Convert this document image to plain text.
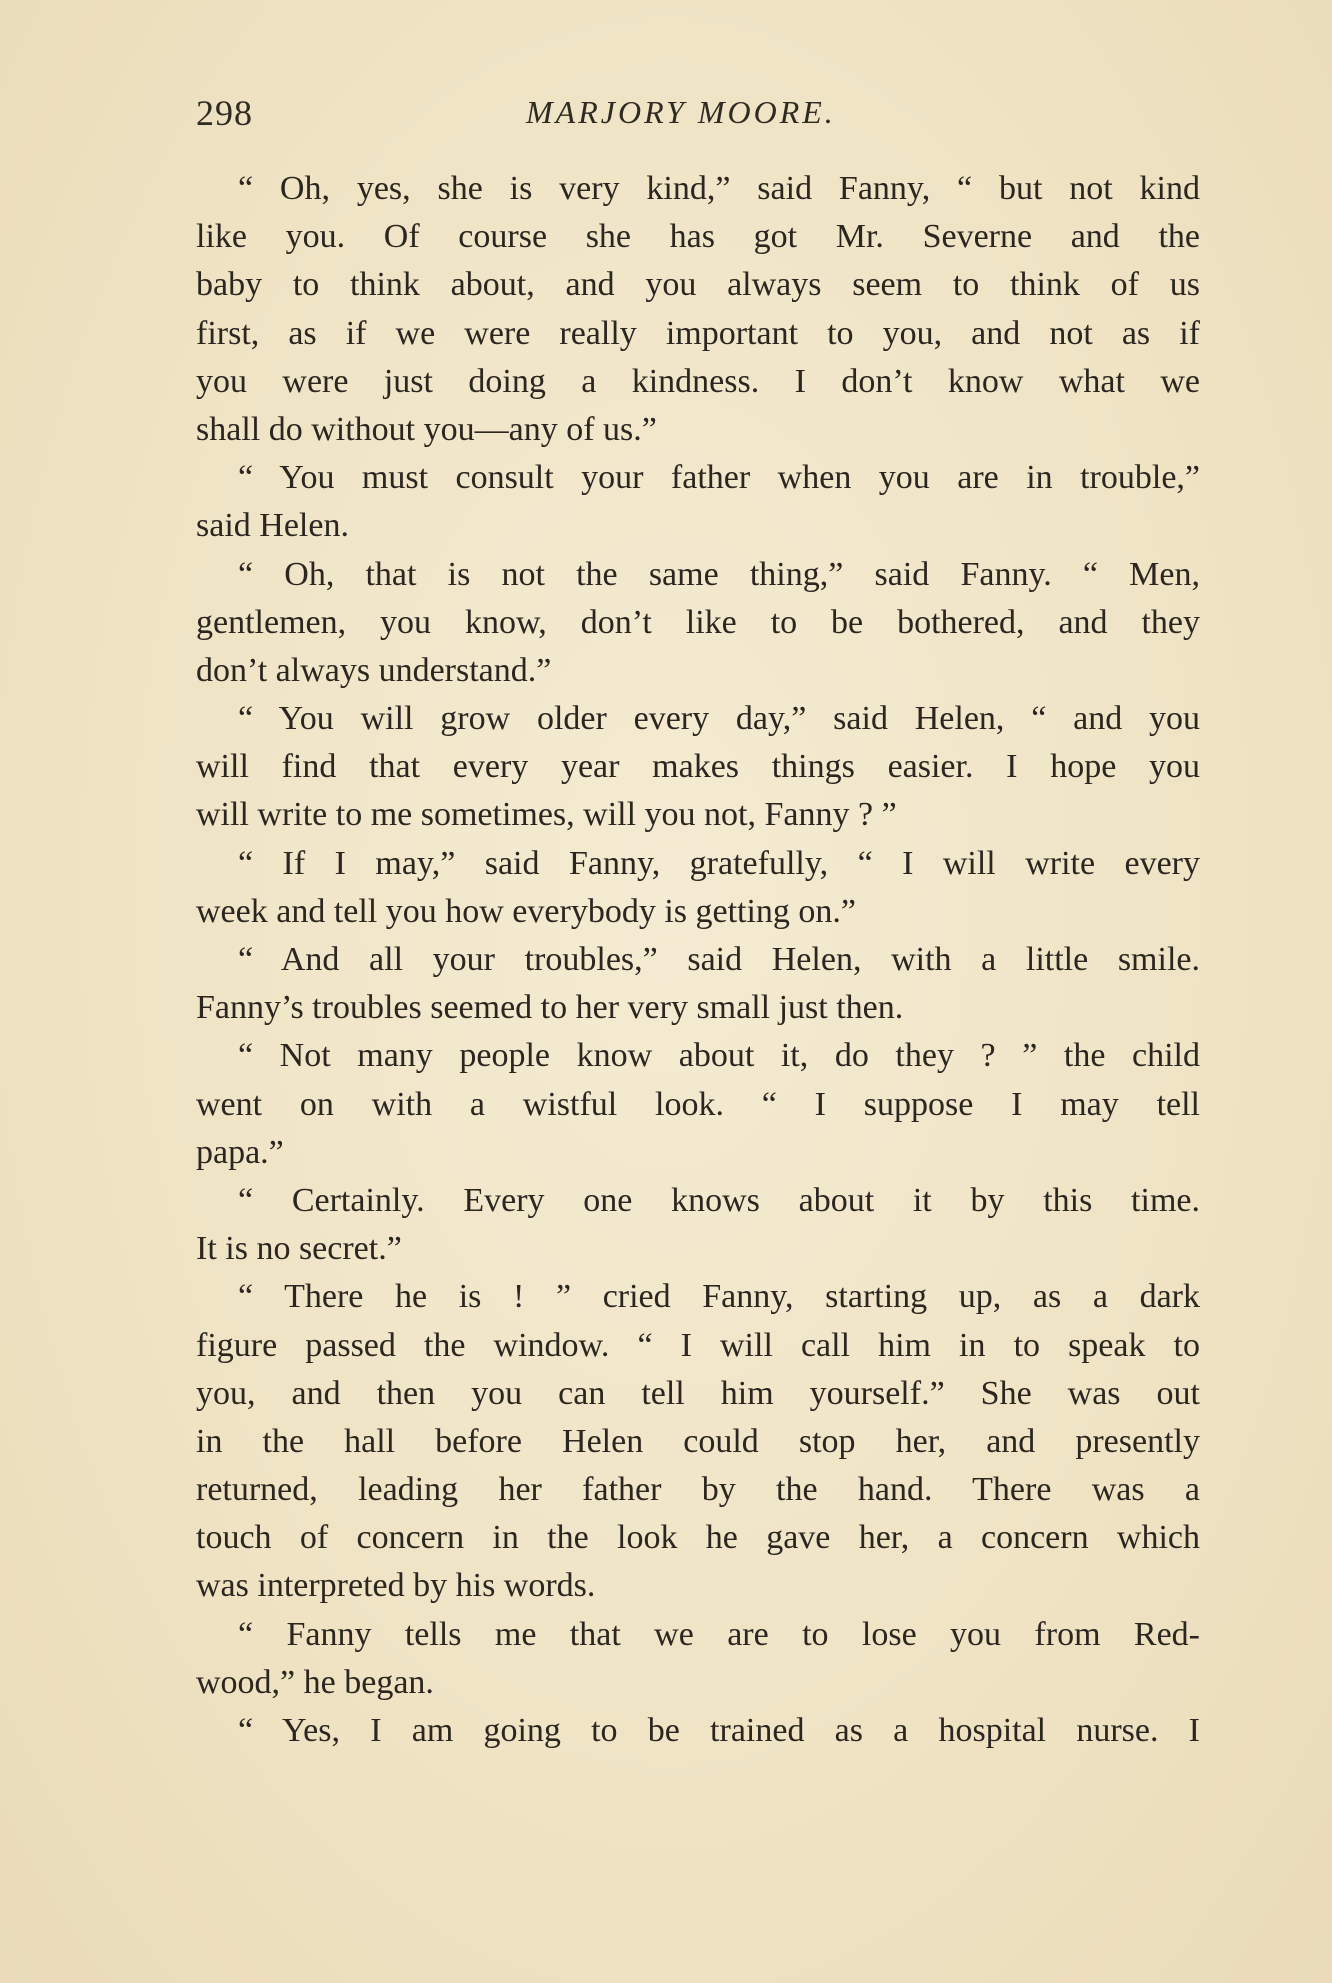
298	MARJORY MOORE.
“ Oh, yes, she is very kind,” said Fanny, “ but not kind
like you. Of course she has got Mr. Severne and the
baby to think about, and you always seem to think of us
first, as if we were really important to you, and not as if
you were just doing a kindness. I don’t know what we
shall do without you—any of us.”
“ You must consult your father when you are in trouble,”
said Helen.
“ Oh, that is not the same thing,” said Fanny. “ Men,
gentlemen, you know, don’t like to be bothered, and they
don’t always understand.”
“ You will grow older every day,” said Helen, “ and you
will find that every year makes things easier. I hope you
will write to me sometimes, will you not, Fanny ? ”
“ If I may,” said Fanny, gratefully, “ I will write every
week and tell you how everybody is getting on.”
“ And all your troubles,” said Helen, with a little smile.
Fanny’s troubles seemed to her very small just then.
“ Not many people know about it, do they ? ” the child
went on with a wistful look. “ I suppose I may tell
papa.”
“ Certainly. Every one knows about it by this time.
It is no secret.”
“ There he is ! ” cried Fanny, starting up, as a dark
figure passed the window. “ I will call him in to speak to
you, and then you can tell him yourself.” She was out
in the hall before Helen could stop her, and presently
returned, leading her father by the hand. There was a
touch of concern in the look he gave her, a concern which
was interpreted by his words.
“ Fanny tells me that we are to lose you from Red-
wood,” he began.
“ Yes, I am going to be trained as a hospital nurse. I
